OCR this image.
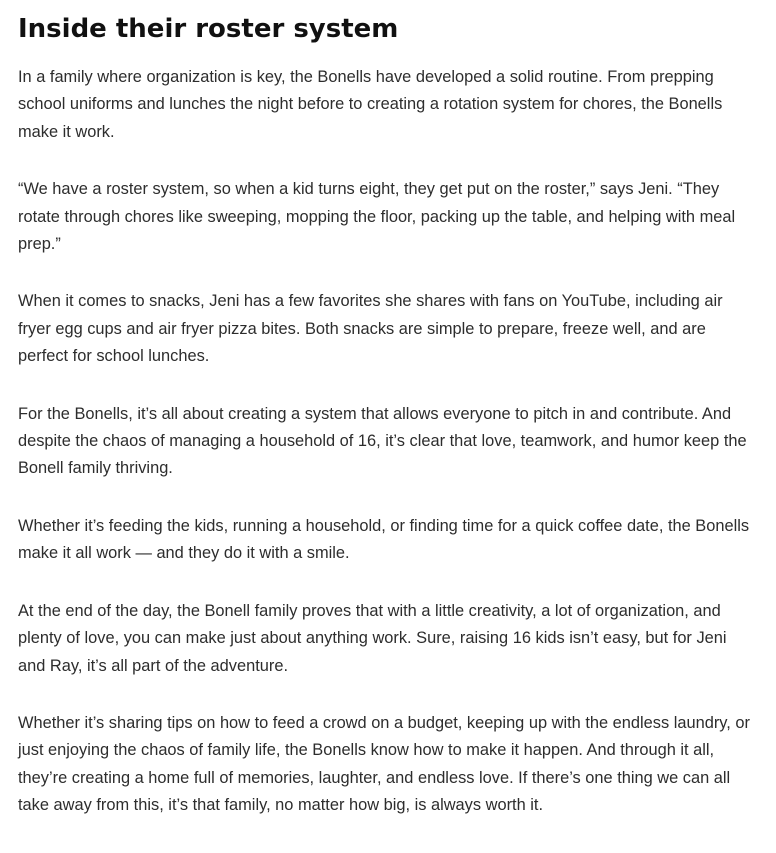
Inside their roster system

In a family where organization is key, the Bonells have developed a solid routine. From prepping school uniforms and lunches the night before to creating a rotation system for chores, the Bonells make it work.

“We have a roster system, so when a kid turns eight, they get put on the roster,” says Jeni. “They rotate through chores like sweeping, mopping the floor, packing up the table, and helping with meal prep.”

When it comes to snacks, Jeni has a few favorites she shares with fans on YouTube, including air fryer egg cups and air fryer pizza bites. Both snacks are simple to prepare, freeze well, and are perfect for school lunches.

For the Bonells, it’s all about creating a system that allows everyone to pitch in and contribute. And despite the chaos of managing a household of 16, it’s clear that love, teamwork, and humor keep the Bonell family thriving.

Whether it’s feeding the kids, running a household, or finding time for a quick coffee date, the Bonells make it all work — and they do it with a smile.

At the end of the day, the Bonell family proves that with a little creativity, a lot of organization, and plenty of love, you can make just about anything work. Sure, raising 16 kids isn’t easy, but for Jeni and Ray, it’s all part of the adventure.

Whether it’s sharing tips on how to feed a crowd on a budget, keeping up with the endless laundry, or just enjoying the chaos of family life, the Bonells know how to make it happen. And through it all, they’re creating a home full of memories, laughter, and endless love. If there’s one thing we can all take away from this, it’s that family, no matter how big, is always worth it.
